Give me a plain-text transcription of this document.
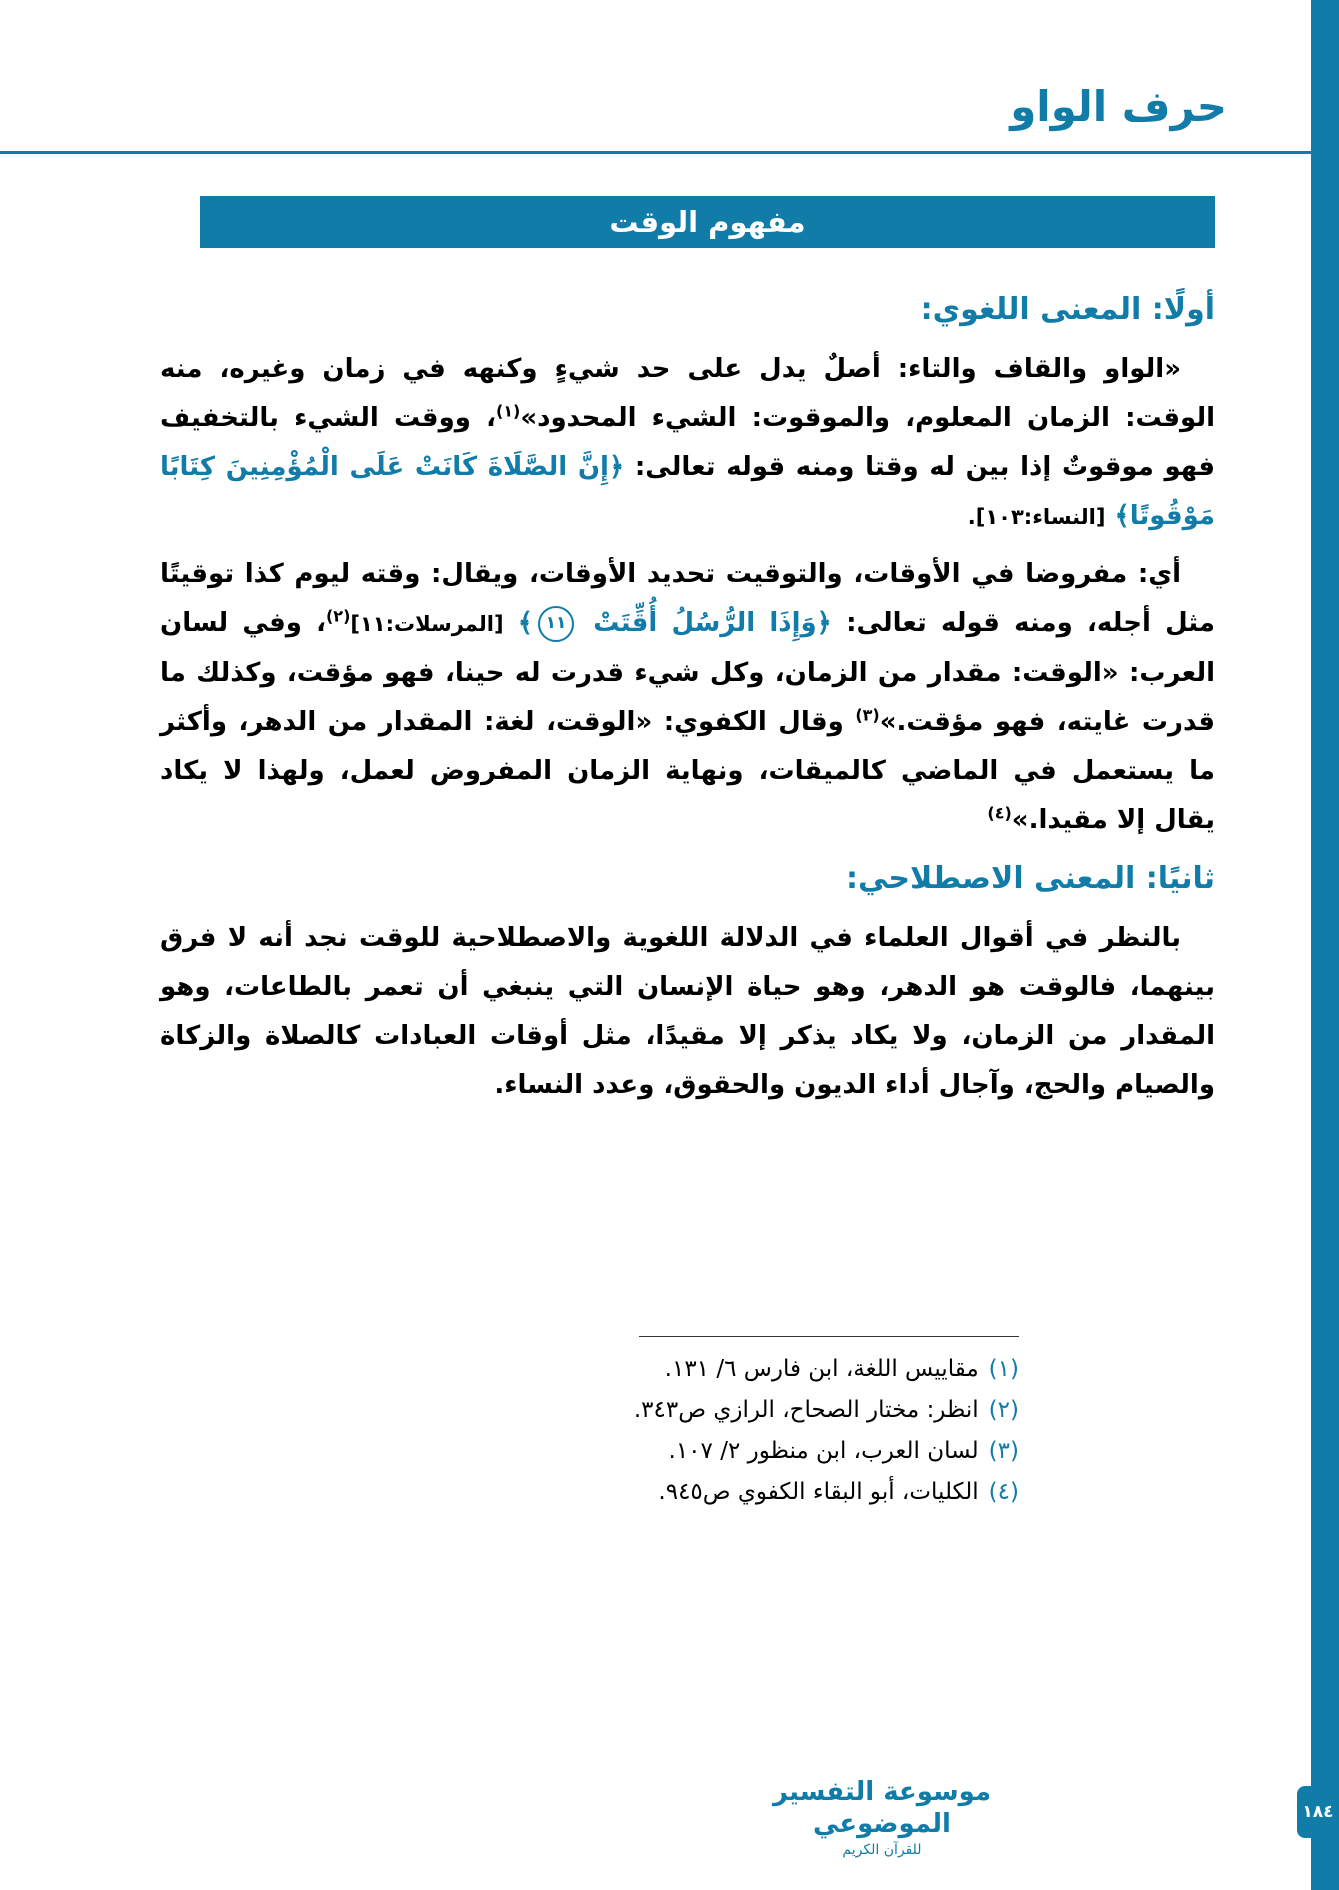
١٨٤
حرف الواو
مفهوم الوقت
أولًا: المعنى اللغوي:

«الواو والقاف والتاء: أصلٌ يدل على حد شيءٍ وكنهه في زمان وغيره، منه الوقت: الزمان المعلوم، والموقوت: الشيء المحدود»$^{(١)}$، ووقت الشيء بالتخفيف فهو موقوتٌ إذا بين له وقتا ومنه قوله تعالى: ﴿إِنَّ الصَّلَاةَ كَانَتْ عَلَى الْمُؤْمِنِينَ كِتَابًا مَوْقُوتًا﴾ [النساء:١٠٣].

أي: مفروضا في الأوقات، والتوقيت تحديد الأوقات، ويقال: وقته ليوم كذا توقيتًا مثل أجله، ومنه قوله تعالى: ﴿وَإِذَا الرُّسُلُ أُقِّتَتْ ١١﴾ [المرسلات:١١]$^{(٢)}$، وفي لسان العرب: «الوقت: مقدار من الزمان، وكل شيء قدرت له حينا، فهو مؤقت، وكذلك ما قدرت غايته، فهو مؤقت.»$^{(٣)}$ وقال الكفوي: «الوقت، لغة: المقدار من الدهر، وأكثر ما يستعمل في الماضي كالميقات، ونهاية الزمان المفروض لعمل، ولهذا لا يكاد يقال إلا مقيدا.»$^{(٤)}$

ثانيًا: المعنى الاصطلاحي:

بالنظر في أقوال العلماء في الدلالة اللغوية والاصطلاحية للوقت نجد أنه لا فرق بينهما، فالوقت هو الدهر، وهو حياة الإنسان التي ينبغي أن تعمر بالطاعات، وهو المقدار من الزمان، ولا يكاد يذكر إلا مقيدًا، مثل أوقات العبادات كالصلاة والزكاة والصيام والحج، وآجال أداء الديون والحقوق، وعدد النساء.

(١)مقاييس اللغة، ابن فارس ٦/ ١٣١.
(٢)انظر: مختار الصحاح، الرازي ص٣٤٣.
(٣)لسان العرب، ابن منظور ٢/ ١٠٧.
(٤)الكليات، أبو البقاء الكفوي ص٩٤٥.
موسوعة التفسير الموضوعي
للقرآن الكريم
